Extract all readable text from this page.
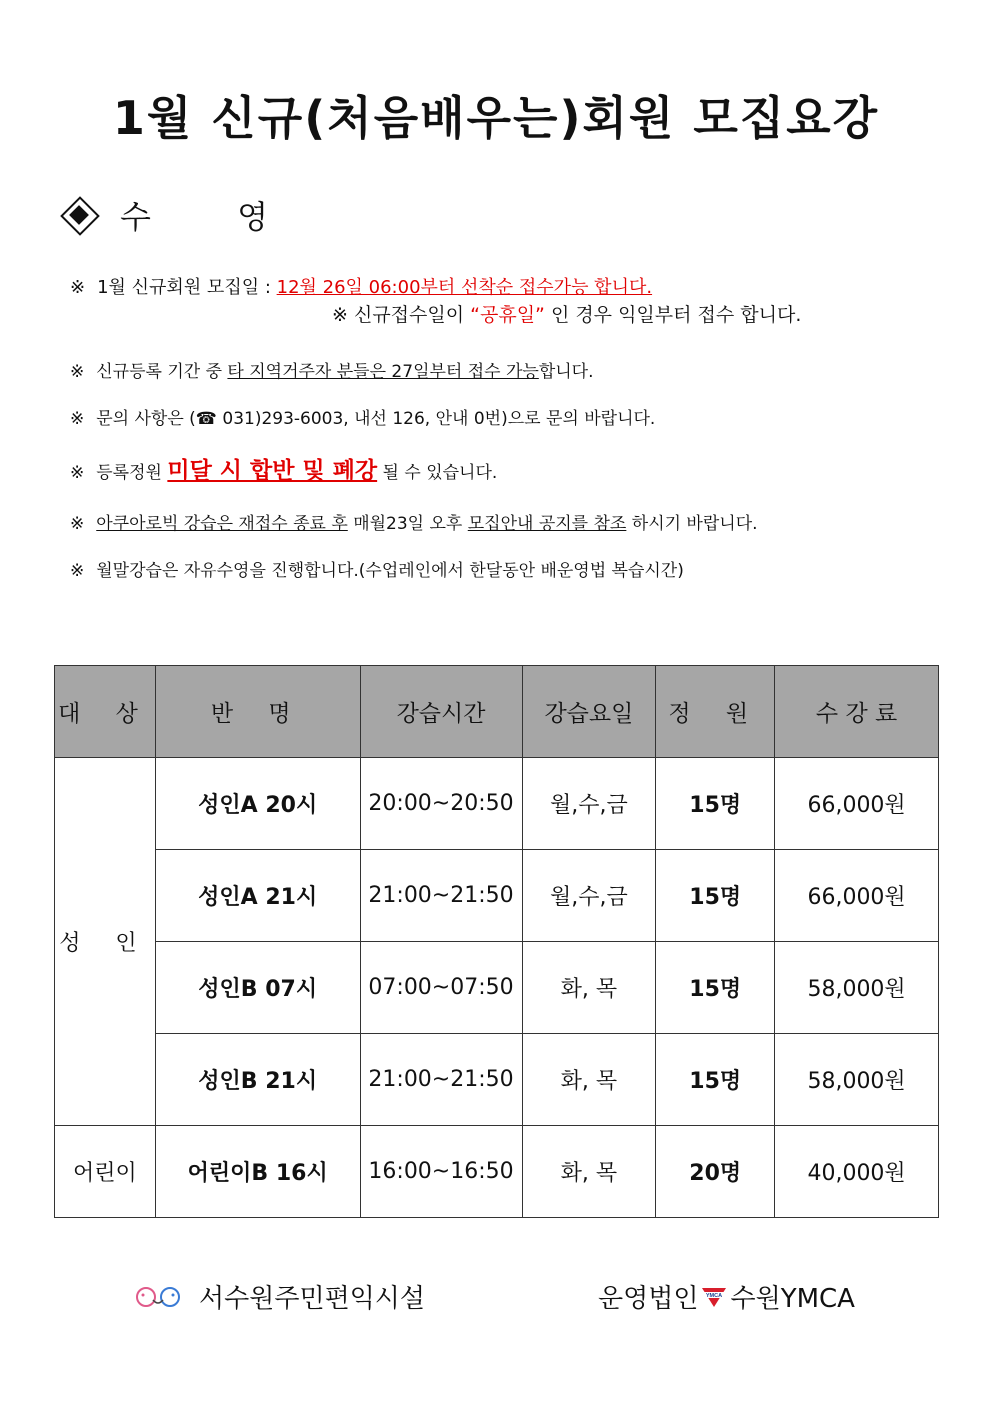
1월 신규(처음배우는)회원 모집요강
수 영
※ 1월 신규회원 모집일 : 12월 26일 06:00부터 선착순 접수가능 합니다.
※ 신규접수일이 “공휴일” 인 경우 익일부터 접수 합니다.
※ 신규등록 기간 중 타 지역거주자 분들은 27일부터 접수 가능합니다.
※ 문의 사항은 (☎ 031)293-6003, 내선 126, 안내 0번)으로 문의 바랍니다.
※ 등록정원 미달 시 합반 및 폐강 될 수 있습니다.
※ 아쿠아로빅 강습은 재접수 종료 후 매월23일 오후 모집안내 공지를 참조 하시기 바랍니다.
※ 월말강습은 자유수영을 진행합니다.(수업레인에서 한달동안 배운영법 복습시간)
대 상	반 명	강습시간	강습요일	정 원	수 강 료
성 인	성인A 20시	20:00~20:50	월,수,금	15명	66,000원
	성인A 21시	21:00~21:50	월,수,금	15명	66,000원
	성인B 07시	07:00~07:50	화, 목	15명	58,000원
	성인B 21시	21:00~21:50	화, 목	15명	58,000원
어린이	어린이B 16시	16:00~16:50	화, 목	20명	40,000원
서수원주민편익시설	운영법인 YMCA 수원YMCA
